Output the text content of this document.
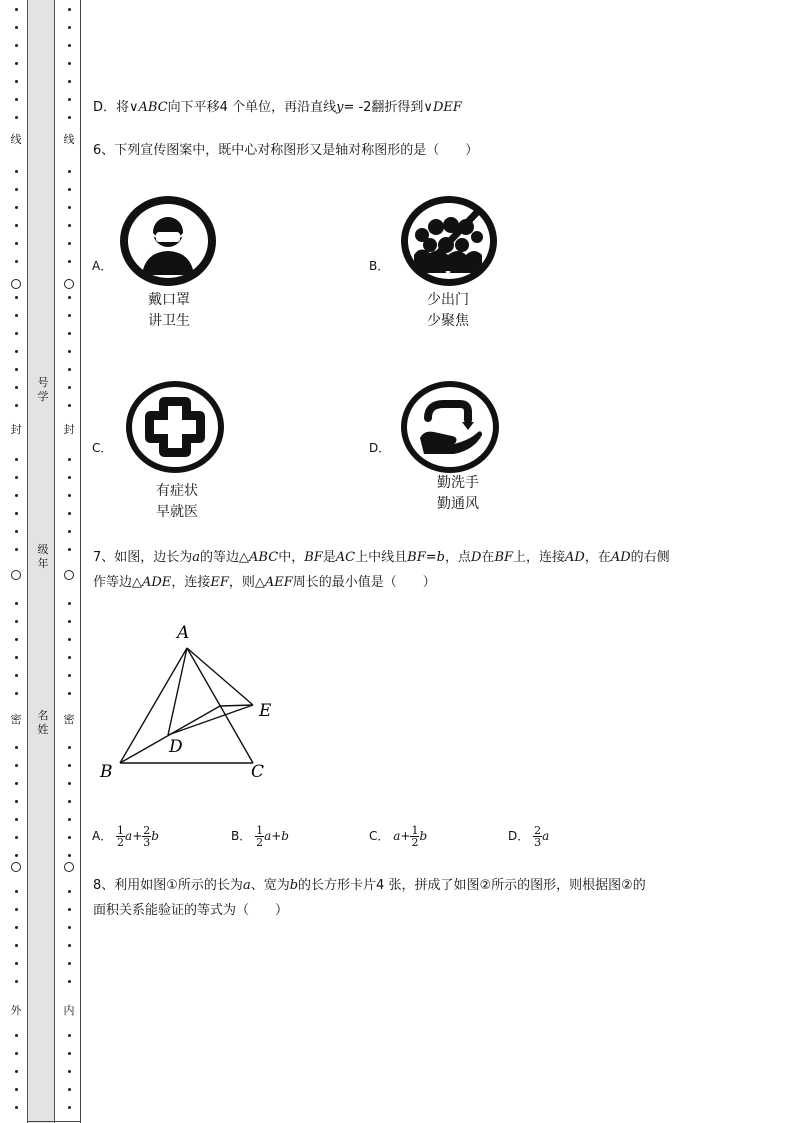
线
封
密
外
线
封
密
内
号学
级年
名姓
D．将∨ABC向下平移4 个单位，再沿直线y= -2翻折得到∨DEF
6、下列宣传图案中，既中心对称图形又是轴对称图形的是（　　）
A．
戴口罩
讲卫生
B．
少出门
少聚焦
C．
有症状
早就医
D．
勤洗手
勤通风
7、如图，边长为a的等边△ABC中，BF是AC上中线且BF=b，点D在BF上，连接AD，在AD的右侧
作等边△ADE，连接EF，则△AEF周长的最小值是（　　）
A
B	C
D
E
A． $\frac{1}{2} a+ \frac{2}{3}$ b	B． $\frac{1}{2} a+b$	C． $a+ \frac{1}{2}$ b	D． $\frac{2}{3}$ a
8、利用如图①所示的长为a、宽为b的长方形卡片4 张，拼成了如图②所示的图形，则根据图②的
面积关系能验证的等式为（　　）
